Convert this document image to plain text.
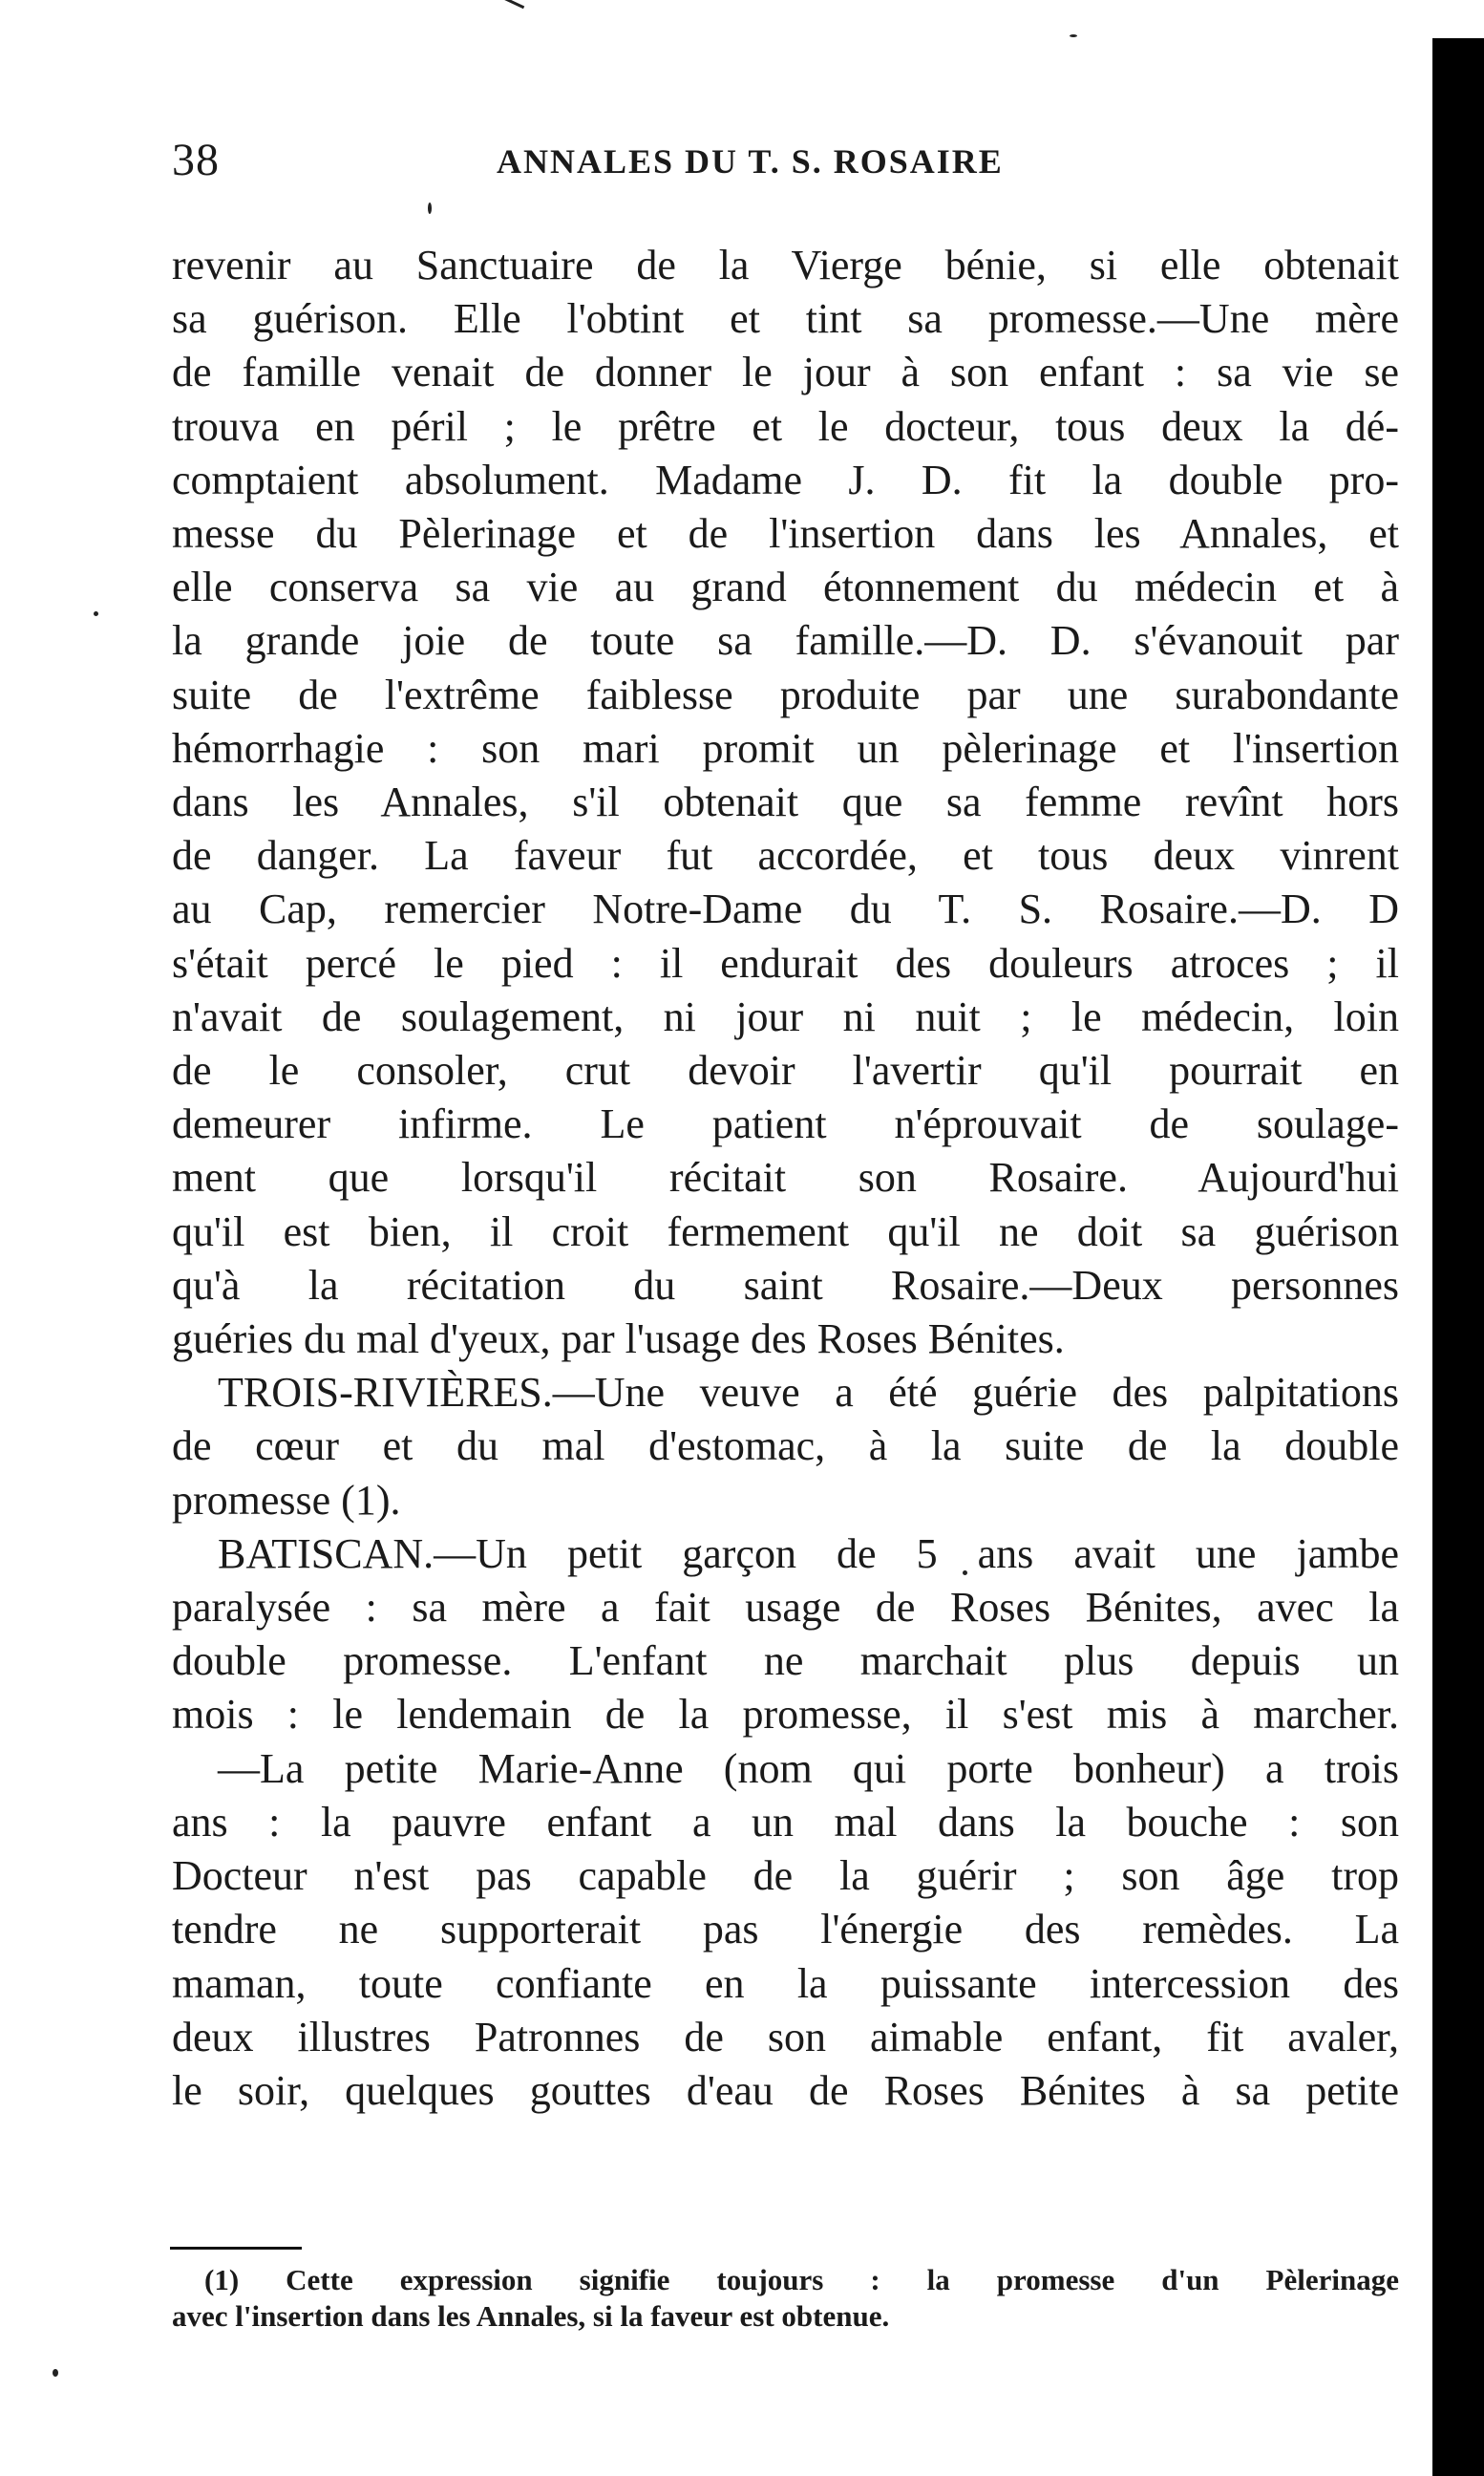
38	ANNALES DU T. S. ROSAIRE
revenir au Sanctuaire de la Vierge bénie, si elle obtenait
sa guérison. Elle l'obtint et tint sa promesse.—Une mère
de famille venait de donner le jour à son enfant : sa vie se
trouva en péril ; le prêtre et le docteur, tous deux la dé-
comptaient absolument. Madame J. D. fit la double pro-
messe du Pèlerinage et de l'insertion dans les Annales, et
elle conserva sa vie au grand étonnement du médecin et à
la grande joie de toute sa famille.—D. D. s'évanouit par
suite de l'extrême faiblesse produite par une surabondante
hémorrhagie : son mari promit un pèlerinage et l'insertion
dans les Annales, s'il obtenait que sa femme revînt hors
de danger. La faveur fut accordée, et tous deux vinrent
au Cap, remercier Notre-Dame du T. S. Rosaire.—D. D
s'était percé le pied : il endurait des douleurs atroces ; il
n'avait de soulagement, ni jour ni nuit ; le médecin, loin
de le consoler, crut devoir l'avertir qu'il pourrait en
demeurer infirme. Le patient n'éprouvait de soulage-
ment que lorsqu'il récitait son Rosaire. Aujourd'hui
qu'il est bien, il croit fermement qu'il ne doit sa guérison
qu'à la récitation du saint Rosaire.—Deux personnes
guéries du mal d'yeux, par l'usage des Roses Bénites.
TROIS-RIVIÈRES.—Une veuve a été guérie des palpitations
de cœur et du mal d'estomac, à la suite de la double
promesse (1).
BATISCAN.—Un petit garçon de 5 ans avait une jambe
paralysée : sa mère a fait usage de Roses Bénites, avec la
double promesse. L'enfant ne marchait plus depuis un
mois : le lendemain de la promesse, il s'est mis à marcher.
—La petite Marie-Anne (nom qui porte bonheur) a trois
ans : la pauvre enfant a un mal dans la bouche : son
Docteur n'est pas capable de la guérir ; son âge trop
tendre ne supporterait pas l'énergie des remèdes. La
maman, toute confiante en la puissante intercession des
deux illustres Patronnes de son aimable enfant, fit avaler,
le soir, quelques gouttes d'eau de Roses Bénites à sa petite
(1) Cette expression signifie toujours : la promesse d'un Pèlerinage
avec l'insertion dans les Annales, si la faveur est obtenue.
